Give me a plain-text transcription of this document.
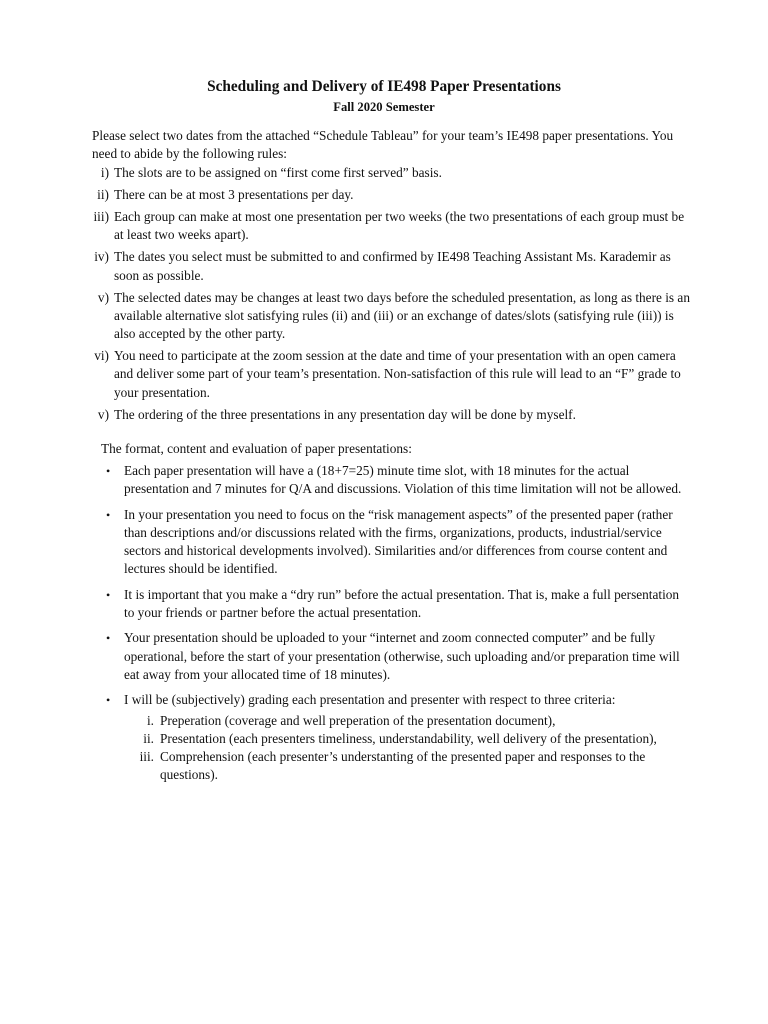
Scheduling and Delivery of IE498 Paper Presentations
Fall 2020 Semester
Please select two dates from the attached “Schedule Tableau” for your team’s IE498 paper presentations. You need to abide by the following rules:
i) The slots are to be assigned on “first come first served” basis.
ii) There can be at most 3 presentations per day.
iii) Each group can make at most one presentation per two weeks (the two presentations of each group must be at least two weeks apart).
iv) The dates you select must be submitted to and confirmed by IE498 Teaching Assistant Ms. Karademir as soon as possible.
v) The selected dates may be changes at least two days before the scheduled presentation, as long as there is an available alternative slot satisfying rules (ii) and (iii) or an exchange of dates/slots (satisfying rule (iii)) is also accepted by the other party.
vi) You need to participate at the zoom session at the date and time of your presentation with an open camera and deliver some part of your team’s presentation. Non-satisfaction of this rule will lead to an “F” grade to your presentation.
v) The ordering of the three presentations in any presentation day will be done by myself.
The format, content and evaluation of paper presentations:
•	Each paper presentation will have a (18+7=25) minute time slot, with 18 minutes for the actual presentation and 7 minutes for Q/A and discussions. Violation of this time limitation will not be allowed.
•	In your presentation you need to focus on the “risk management aspects” of the presented paper (rather than descriptions and/or discussions related with the firms, organizations, products, industrial/service sectors and historical developments involved). Similarities and/or differences from course content and lectures should be identified.
•	It is important that you make a “dry run” before the actual presentation. That is, make a full persentation to your friends or partner before the actual presentation.
•	Your presentation should be uploaded to your “internet and zoom connected computer” and be fully operational, before the start of your presentation (otherwise, such uploading and/or preparation time will eat away from your allocated time of 18 minutes).
•	I will be (subjectively) grading each presentation and presenter with respect to three criteria:
i. Preperation (coverage and well preperation of the presentation document),
ii. Presentation (each presenters timeliness, understandability, well delivery of the presentation),
iii. Comprehension (each presenter’s understanting of the presented paper and responses to the questions).
